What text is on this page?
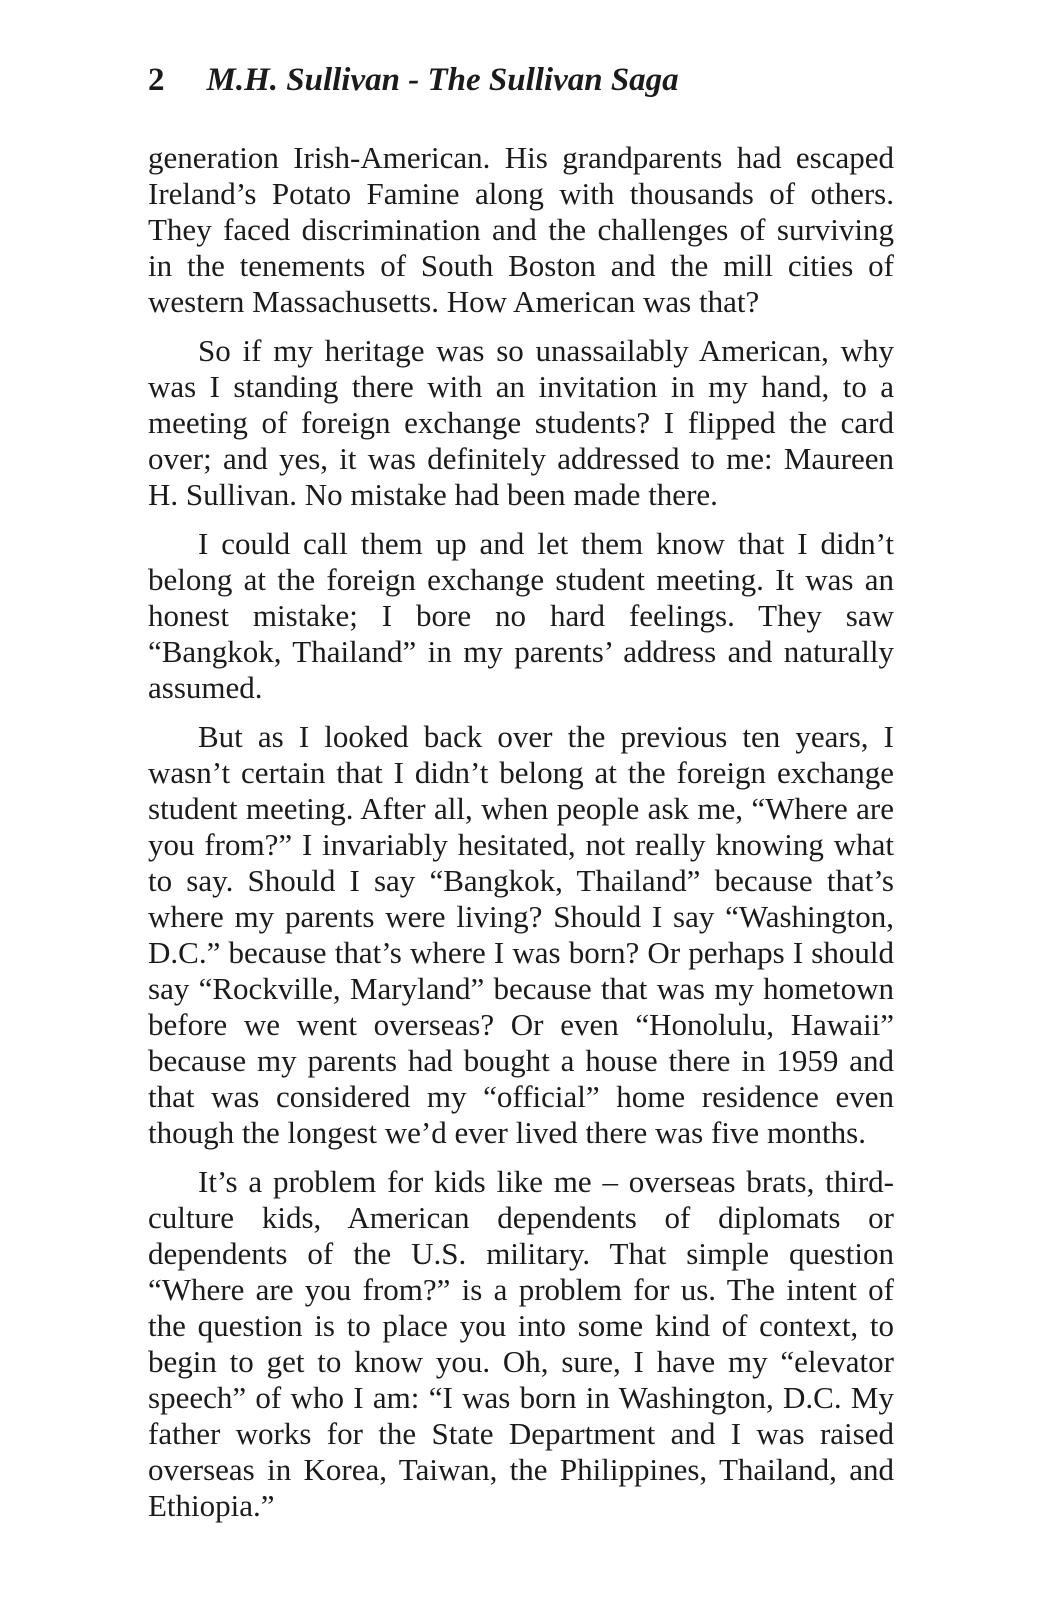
2 M.H. Sullivan - The Sullivan Saga

generation Irish-American. His grandparents had escaped Ireland’s Potato Famine along with thousands of others. They faced discrimination and the challenges of surviving in the tenements of South Boston and the mill cities of western Massachusetts. How American was that?

So if my heritage was so unassailably American, why was I standing there with an invitation in my hand, to a meeting of foreign exchange students? I flipped the card over; and yes, it was definitely addressed to me: Maureen H. Sullivan. No mistake had been made there.

I could call them up and let them know that I didn’t belong at the foreign exchange student meeting. It was an honest mistake; I bore no hard feelings. They saw “Bangkok, Thailand” in my parents’ address and naturally assumed.

But as I looked back over the previous ten years, I wasn’t certain that I didn’t belong at the foreign exchange student meeting. After all, when people ask me, “Where are you from?” I invariably hesitated, not really knowing what to say. Should I say “Bangkok, Thailand” because that’s where my parents were living? Should I say “Washington, D.C.” because that’s where I was born? Or perhaps I should say “Rockville, Maryland” because that was my hometown before we went overseas? Or even “Honolulu, Hawaii” because my parents had bought a house there in 1959 and that was considered my “official” home residence even though the longest we’d ever lived there was five months.

It’s a problem for kids like me – overseas brats, third-culture kids, American dependents of diplomats or dependents of the U.S. military. That simple question “Where are you from?” is a problem for us. The intent of the question is to place you into some kind of context, to begin to get to know you. Oh, sure, I have my “elevator speech” of who I am: “I was born in Washington, D.C. My father works for the State Department and I was raised overseas in Korea, Taiwan, the Philippines, Thailand, and Ethiopia.”
